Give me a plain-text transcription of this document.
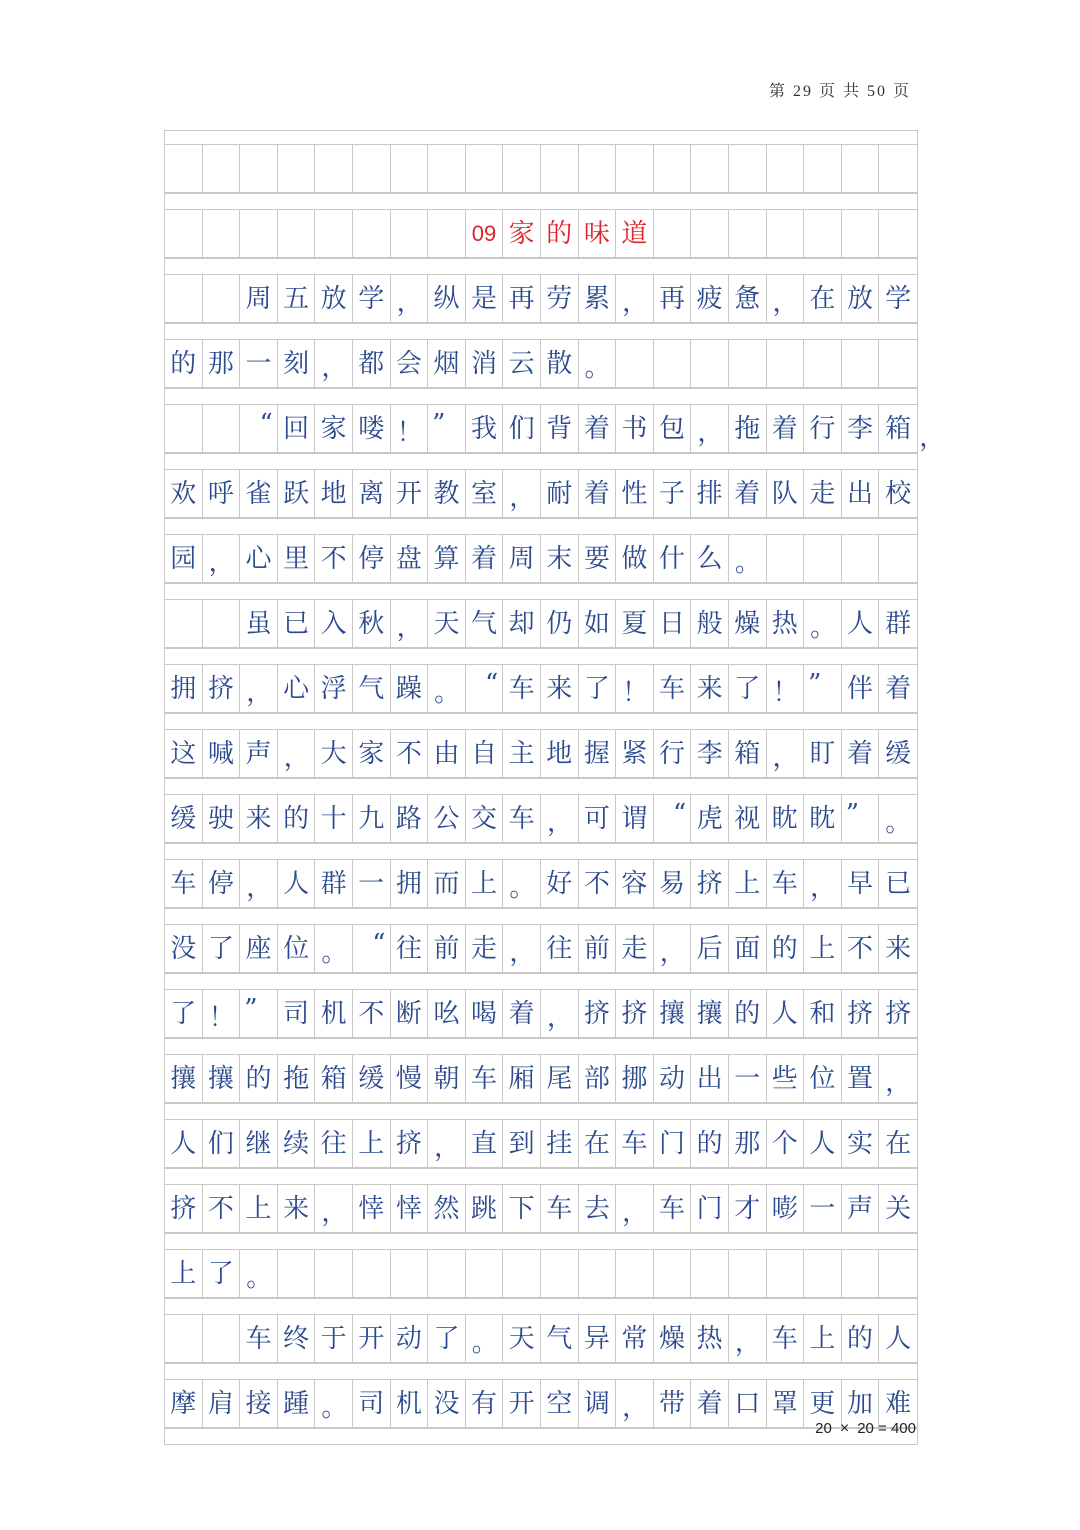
第 29 页 共 50 页
09 家 的 味 道
周 五 放 学 ， 纵 是 再 劳 累 ， 再 疲 惫 ， 在 放 学
的 那 一 刻 ， 都 会 烟 消 云 散 。
“ 回 家 喽 ！ ” 我 们 背 着 书 包 ， 拖 着 行 李 箱 ，
欢 呼 雀 跃 地 离 开 教 室 ， 耐 着 性 子 排 着 队 走 出 校
园 ， 心 里 不 停 盘 算 着 周 末 要 做 什 么 。
虽 已 入 秋 ， 天 气 却 仍 如 夏 日 般 燥 热 。 人 群
拥 挤 ， 心 浮 气 躁 。 “ 车 来 了 ！ 车 来 了 ！ ” 伴 着
这 喊 声 ， 大 家 不 由 自 主 地 握 紧 行 李 箱 ， 盯 着 缓
缓 驶 来 的 十 九 路 公 交 车 ， 可 谓 “ 虎 视 眈 眈 ”	。
车 停 ， 人 群 一 拥 而 上 。 好 不 容 易 挤 上 车 ， 早 已
没 了 座 位 。 “ 往 前 走 ， 往 前 走 ， 后 面 的 上 不 来
了 ！ ” 司 机 不 断 吆 喝 着 ， 挤 挤 攘 攘 的 人 和 挤 挤
攘 攘 的 拖 箱 缓 慢 朝 车 厢 尾 部 挪 动 出 一 些 位 置 ，
人 们 继 续 往 上 挤 ， 直 到 挂 在 车 门 的 那 个 人 实 在
挤 不 上 来 ， 悻 悻 然 跳 下 车 去 ， 车 门 才 嘭 一 声 关
上 了 。
车 终 于 开 动 了 。 天 气 异 常 燥 热 ， 车 上 的 人
摩 肩 接 踵 。 司 机 没 有 开 空 调 ， 带 着 口 罩 更 加 难
20 × 20 = 400
